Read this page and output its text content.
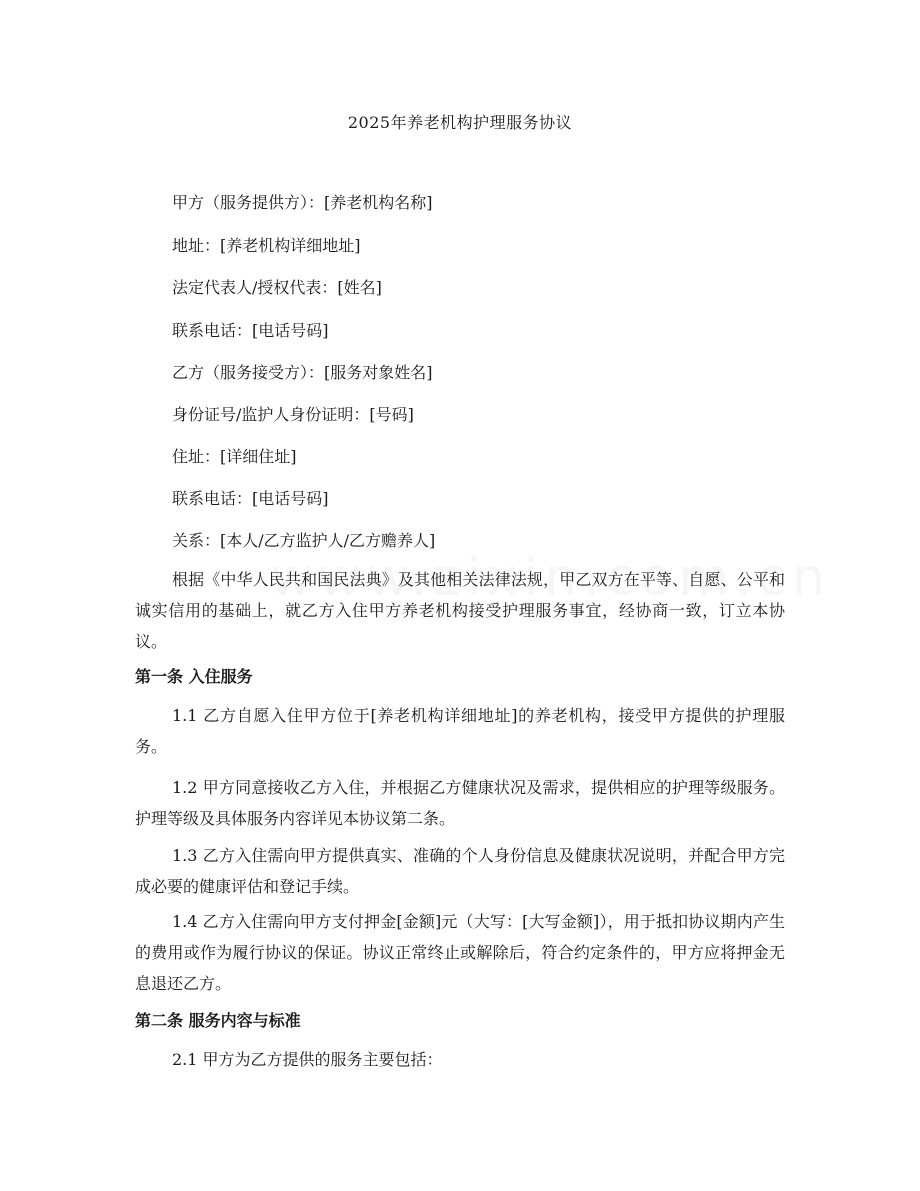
2025年养老机构护理服务协议
甲方（服务提供方）：[养老机构名称]
地址：[养老机构详细地址]
法定代表人/授权代表：[姓名]
联系电话：[电话号码]
乙方（服务接受方）：[服务对象姓名]
身份证号/监护人身份证明：[号码]
住址：[详细住址]
联系电话：[电话号码]
关系：[本人/乙方监护人/乙方赡养人]
根据《中华人民共和国民法典》及其他相关法律法规，甲乙双方在平等、自愿、公平和诚实信用的基础上，就乙方入住甲方养老机构接受护理服务事宜，经协商一致，订立本协议。
第一条 入住服务
1.1 乙方自愿入住甲方位于[养老机构详细地址]的养老机构，接受甲方提供的护理服务。
1.2 甲方同意接收乙方入住，并根据乙方健康状况及需求，提供相应的护理等级服务。护理等级及具体服务内容详见本协议第二条。
1.3 乙方入住需向甲方提供真实、准确的个人身份信息及健康状况说明，并配合甲方完成必要的健康评估和登记手续。
1.4 乙方入住需向甲方支付押金[金额]元（大写：[大写金额]），用于抵扣协议期内产生的费用或作为履行协议的保证。协议正常终止或解除后，符合约定条件的，甲方应将押金无息退还乙方。
第二条 服务内容与标准
2.1 甲方为乙方提供的服务主要包括：
